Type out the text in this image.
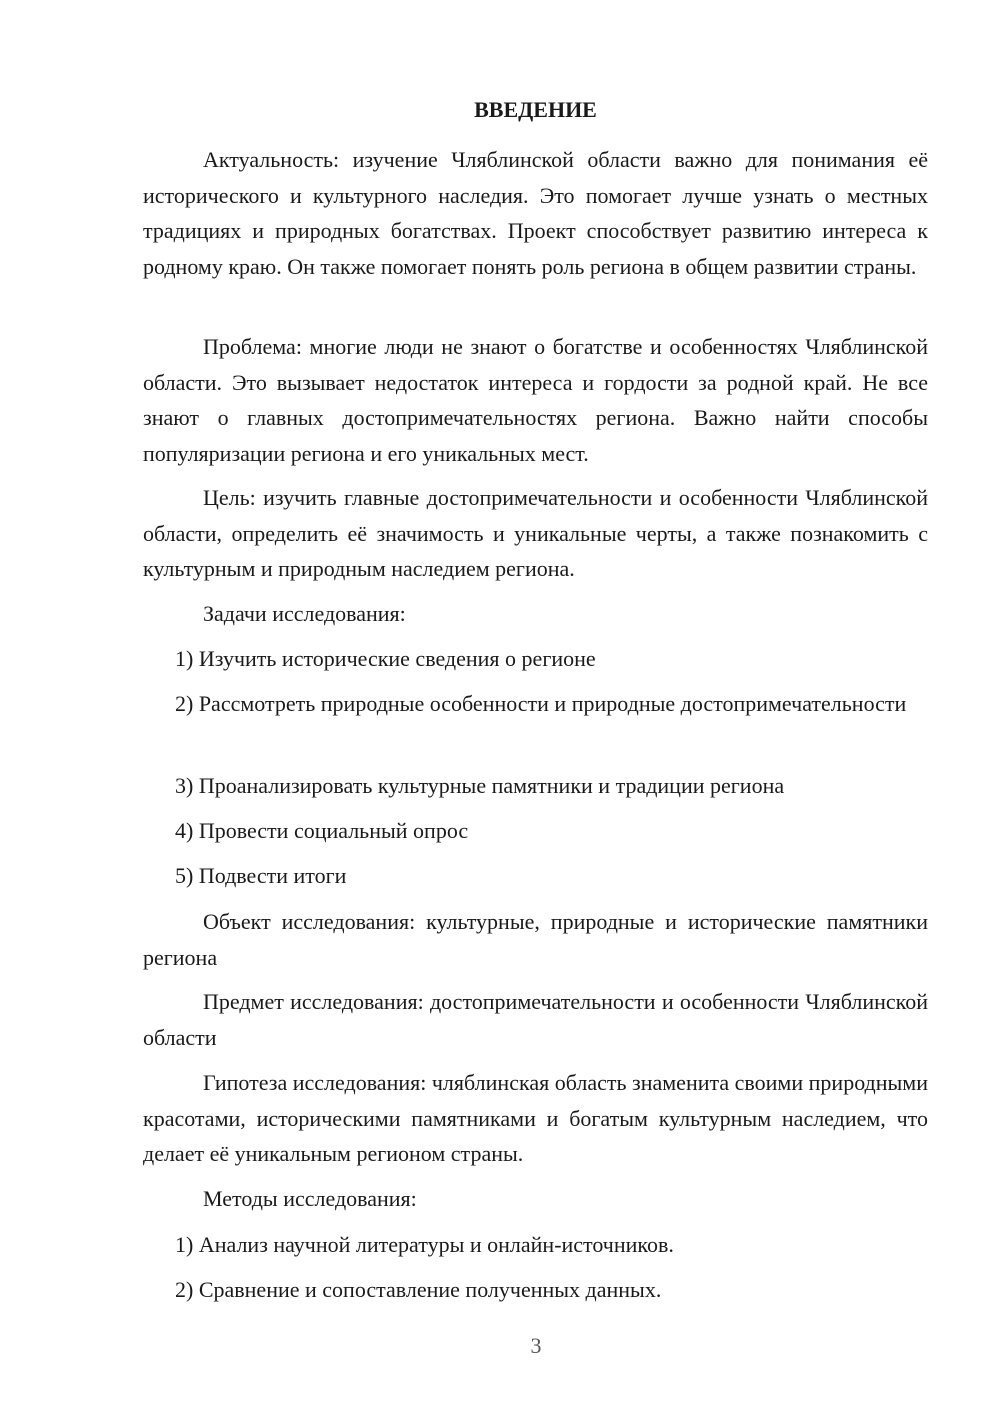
ВВЕДЕНИЕ

Актуальность: изучение Чляблинской области важно для понимания её исторического и культурного наследия. Это помогает лучше узнать о местных традициях и природных богатствах. Проект способствует развитию интереса к родному краю. Он также помогает понять роль региона в общем развитии страны.

Проблема: многие люди не знают о богатстве и особенностях Чляблинской области. Это вызывает недостаток интереса и гордости за родной край. Не все знают о главных достопримечательностях региона. Важно найти способы популяризации региона и его уникальных мест.

Цель: изучить главные достопримечательности и особенности Чляблинской области, определить её значимость и уникальные черты, а также познакомить с культурным и природным наследием региона.

Задачи исследования:

1) Изучить исторические сведения о регионе

2) Рассмотреть природные особенности и природные достопримечательности

3) Проанализировать культурные памятники и традиции региона

4) Провести социальный опрос

5) Подвести итоги

Объект исследования: культурные, природные и исторические памятники региона

Предмет исследования: достопримечательности и особенности Чляблинской области

Гипотеза исследования: чляблинская область знаменита своими природными красотами, историческими памятниками и богатым культурным наследием, что делает её уникальным регионом страны.

Методы исследования:

1) Анализ научной литературы и онлайн-источников.

2) Сравнение и сопоставление полученных данных.

3
